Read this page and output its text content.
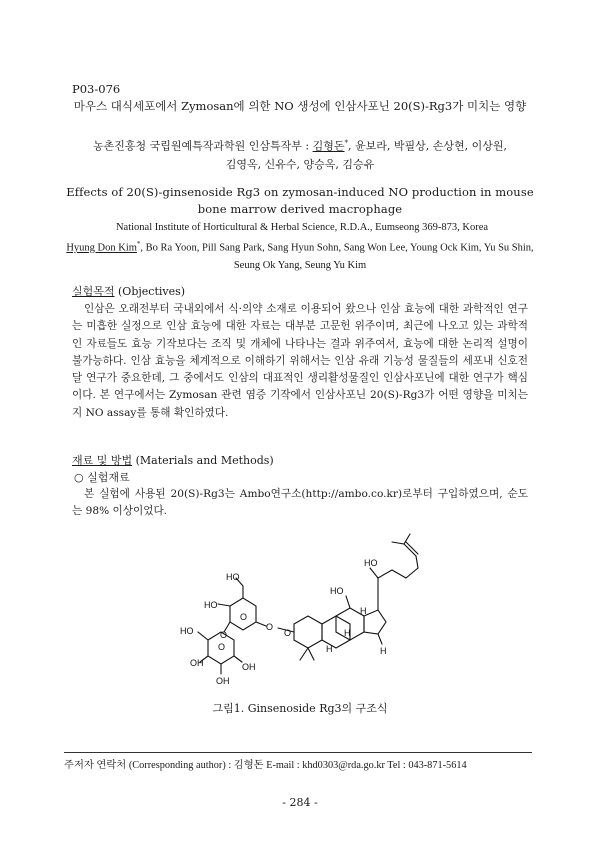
P03-076
마우스 대식세포에서 Zymosan에 의한 NO 생성에 인삼사포닌 20(S)-Rg3가 미치는 영향
농촌진흥청 국립원예특작과학원 인삼특작부 : 김형돈*, 윤보라, 박필상, 손상현, 이상원,
김영옥, 신유수, 양승옥, 김승유
Effects of 20(S)-ginsenoside Rg3 on zymosan-induced NO production in mouse bone marrow derived macrophage
National Institute of Horticultural & Herbal Science, R.D.A., Eumseong 369-873, Korea
Hyung Don Kim*, Bo Ra Yoon, Pill Sang Park, Sang Hyun Sohn, Sang Won Lee, Young Ock Kim, Yu Su Shin, Seung Ok Yang, Seung Yu Kim
실험목적 (Objectives)
인삼은 오래전부터 국내외에서 식·의약 소재로 이용되어 왔으나 인삼 효능에 대한 과학적인 연구는 미흡한 실정으로 인삼 효능에 대한 자료는 대부분 고문헌 위주이며, 최근에 나오고 있는 과학적인 자료들도 효능 기작보다는 조직 및 개체에 나타나는 결과 위주여서, 효능에 대한 논리적 설명이 불가능하다. 인삼 효능을 체계적으로 이해하기 위해서는 인삼 유래 기능성 물질들의 세포내 신호전달 연구가 중요한데, 그 중에서도 인삼의 대표적인 생리활성물질인 인삼사포닌에 대한 연구가 핵심이다. 본 연구에서는 Zymosan 관련 염증 기작에서 인삼사포닌 20(S)-Rg3가 어떤 영향을 미치는지 NO assay를 통해 확인하였다.
재료 및 방법 (Materials and Methods)
○ 실험재료
본 실험에 사용된 20(S)-Rg3는 Ambo연구소(http://ambo.co.kr)로부터 구입하였으며, 순도는 98% 이상이었다.
HO
HO
HO
HO
HO
OH
OH
OH
O
O
O
O	O
H
H
H	H
그림1. Ginsenoside Rg3의 구조식
주저자 연락처 (Corresponding author) : 김형돈 E-mail : khd0303@rda.go.kr Tel : 043-871-5614
- 284 -
